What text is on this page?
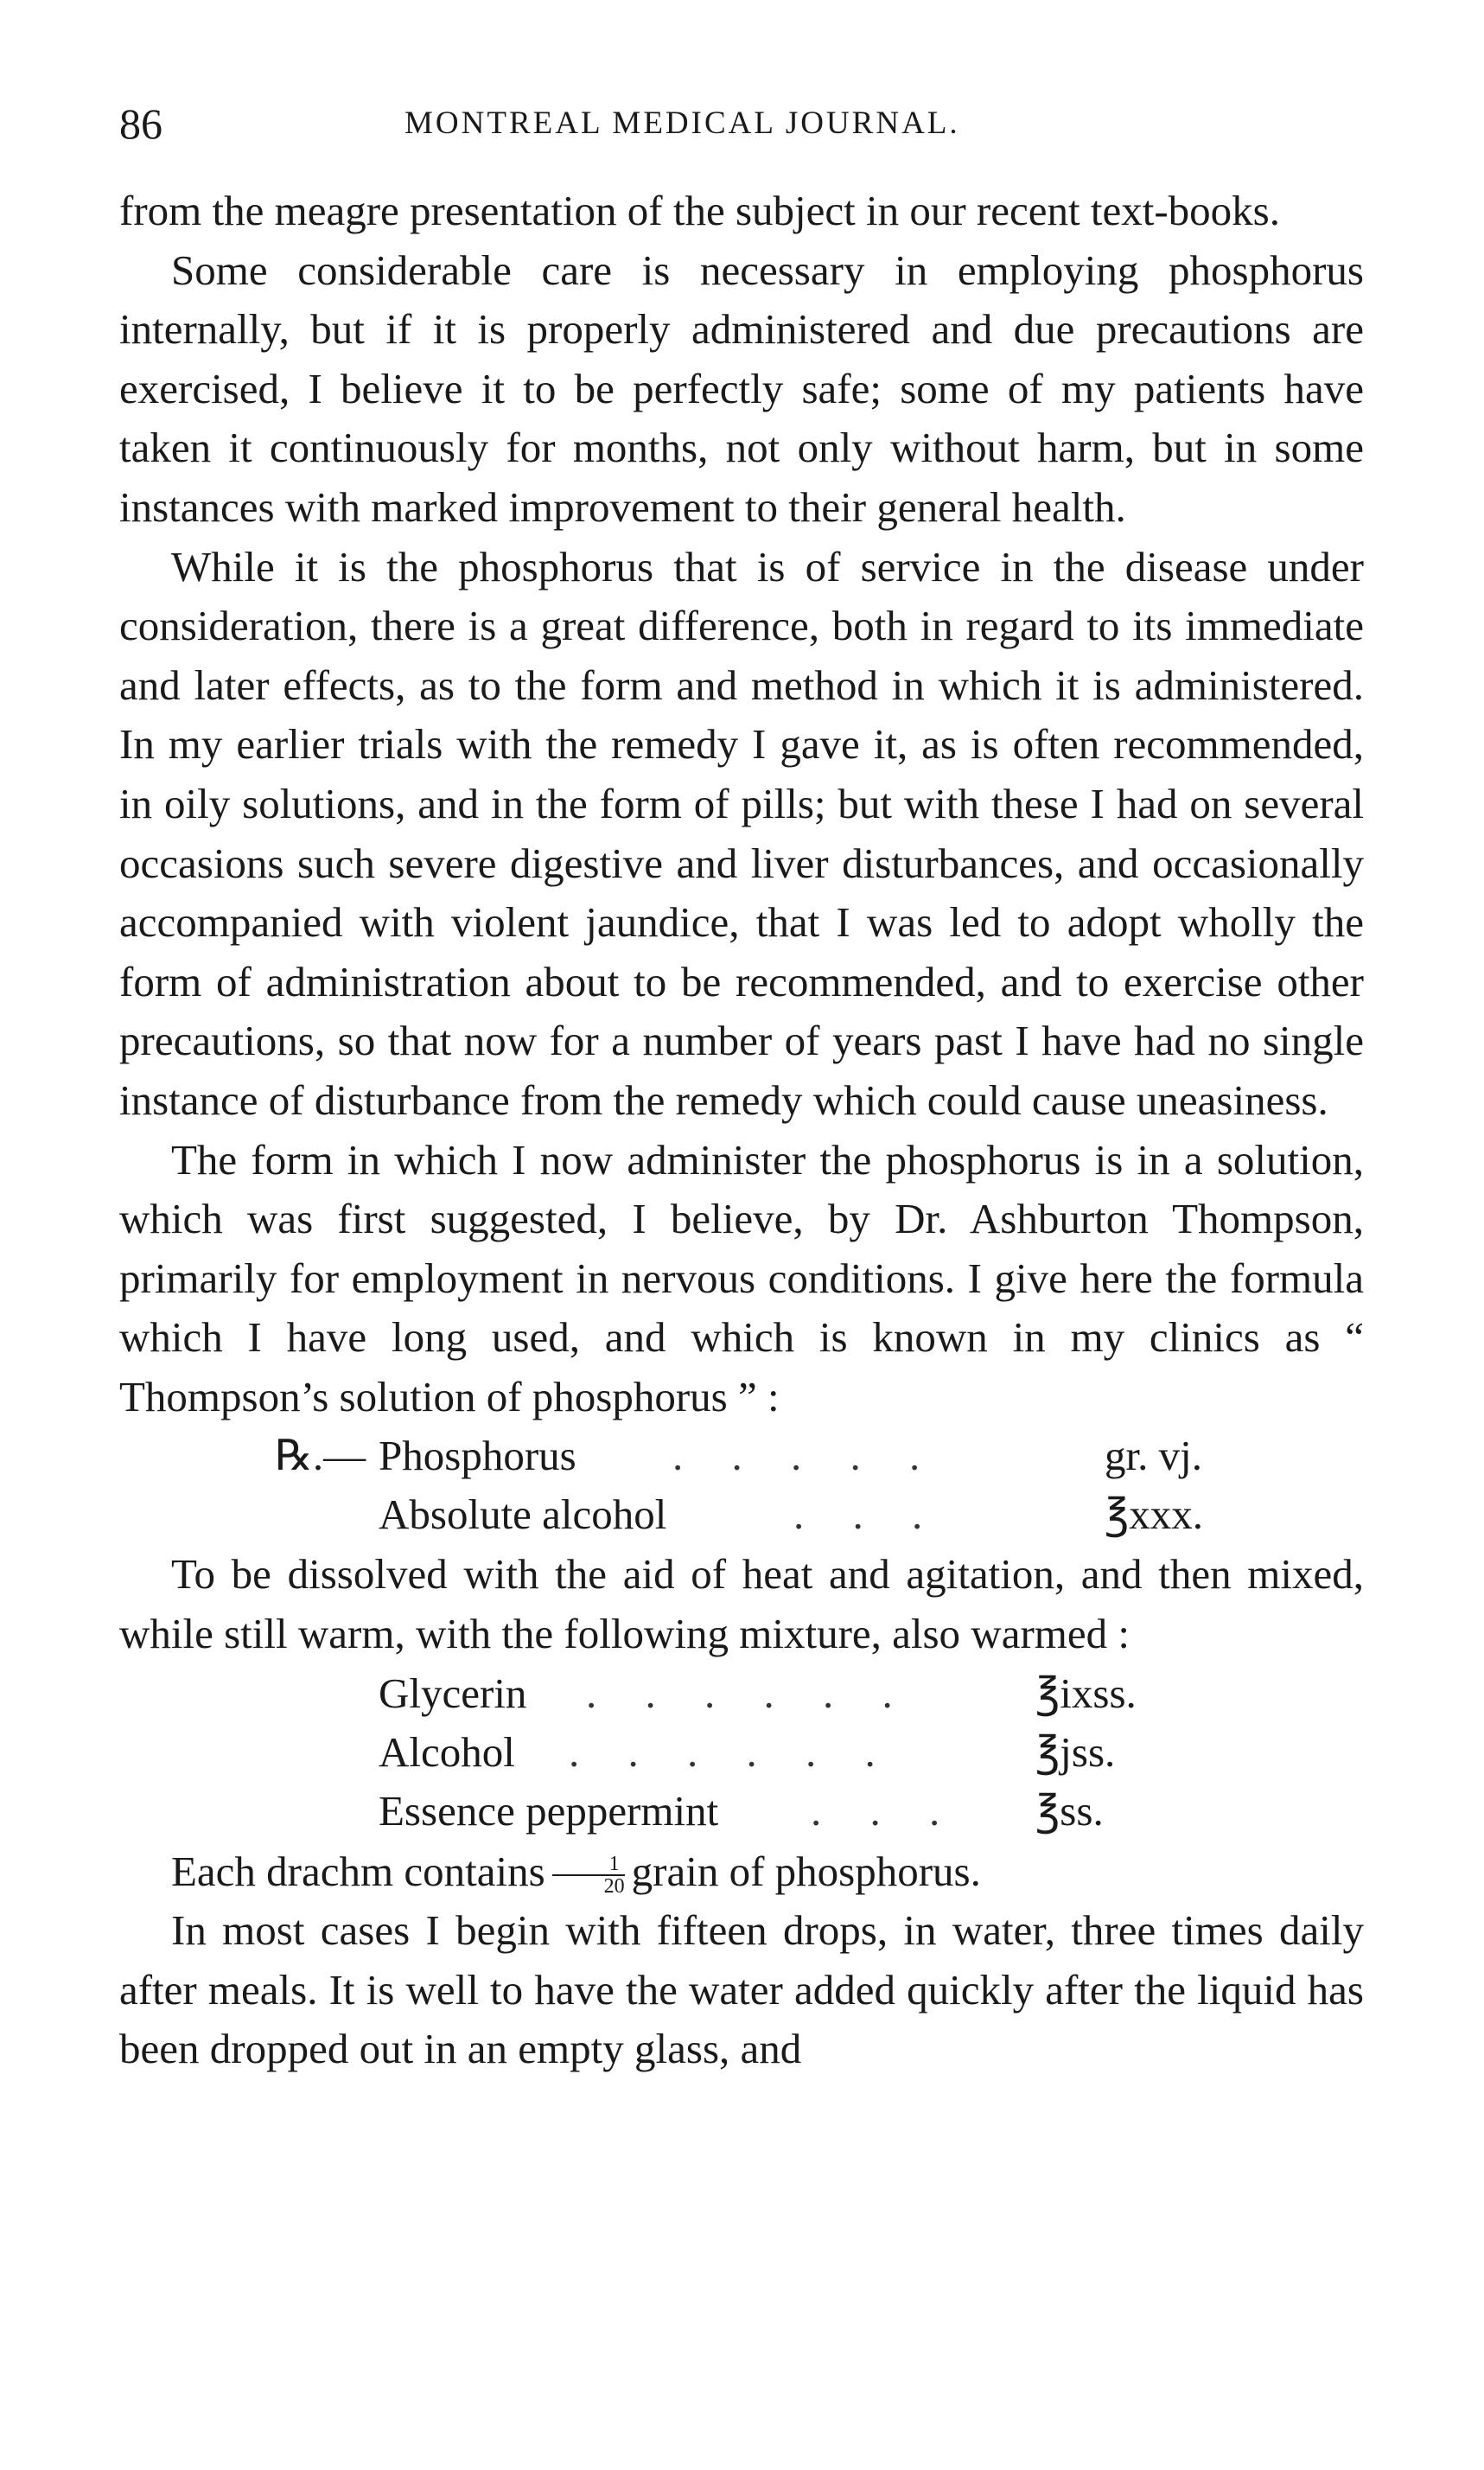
86	MONTREAL MEDICAL JOURNAL.

from the meagre presentation of the subject in our recent text-books.

Some considerable care is necessary in employing phosphorus internally, but if it is properly administered and due precautions are exercised, I believe it to be perfectly safe; some of my patients have taken it continuously for months, not only without harm, but in some instances with marked improvement to their general health.

While it is the phosphorus that is of service in the disease under consideration, there is a great difference, both in regard to its immediate and later effects, as to the form and method in which it is administered. In my earlier trials with the remedy I gave it, as is often recommended, in oily solutions, and in the form of pills; but with these I had on several occasions such severe digestive and liver disturbances, and occasionally accompanied with violent jaundice, that I was led to adopt wholly the form of administration about to be recommended, and to exercise other precautions, so that now for a number of years past I have had no single instance of disturbance from the remedy which could cause uneasiness.

The form in which I now administer the phosphorus is in a solution, which was first suggested, I believe, by Dr. Ashburton Thompson, primarily for employment in nervous conditions. I give here the formula which I have long used, and which is known in my clinics as “ Thompson’s solution of phosphorus ” :

℞.— Phosphorus . . . . .	gr. vj.
Absolute alcohol	. . .	℥xxx.

To be dissolved with the aid of heat and agitation, and then mixed, while still warm, with the following mixture, also warmed :

Glycerin . . . . . .	℥ixss.
Alcohol . . . . . .	℥jss.
Essence peppermint . . . ℥ss.

Each drachm contains $\frac{1}{20}$ grain of phosphorus.

In most cases I begin with fifteen drops, in water, three times daily after meals. It is well to have the water added quickly after the liquid has been dropped out in an empty glass, and
